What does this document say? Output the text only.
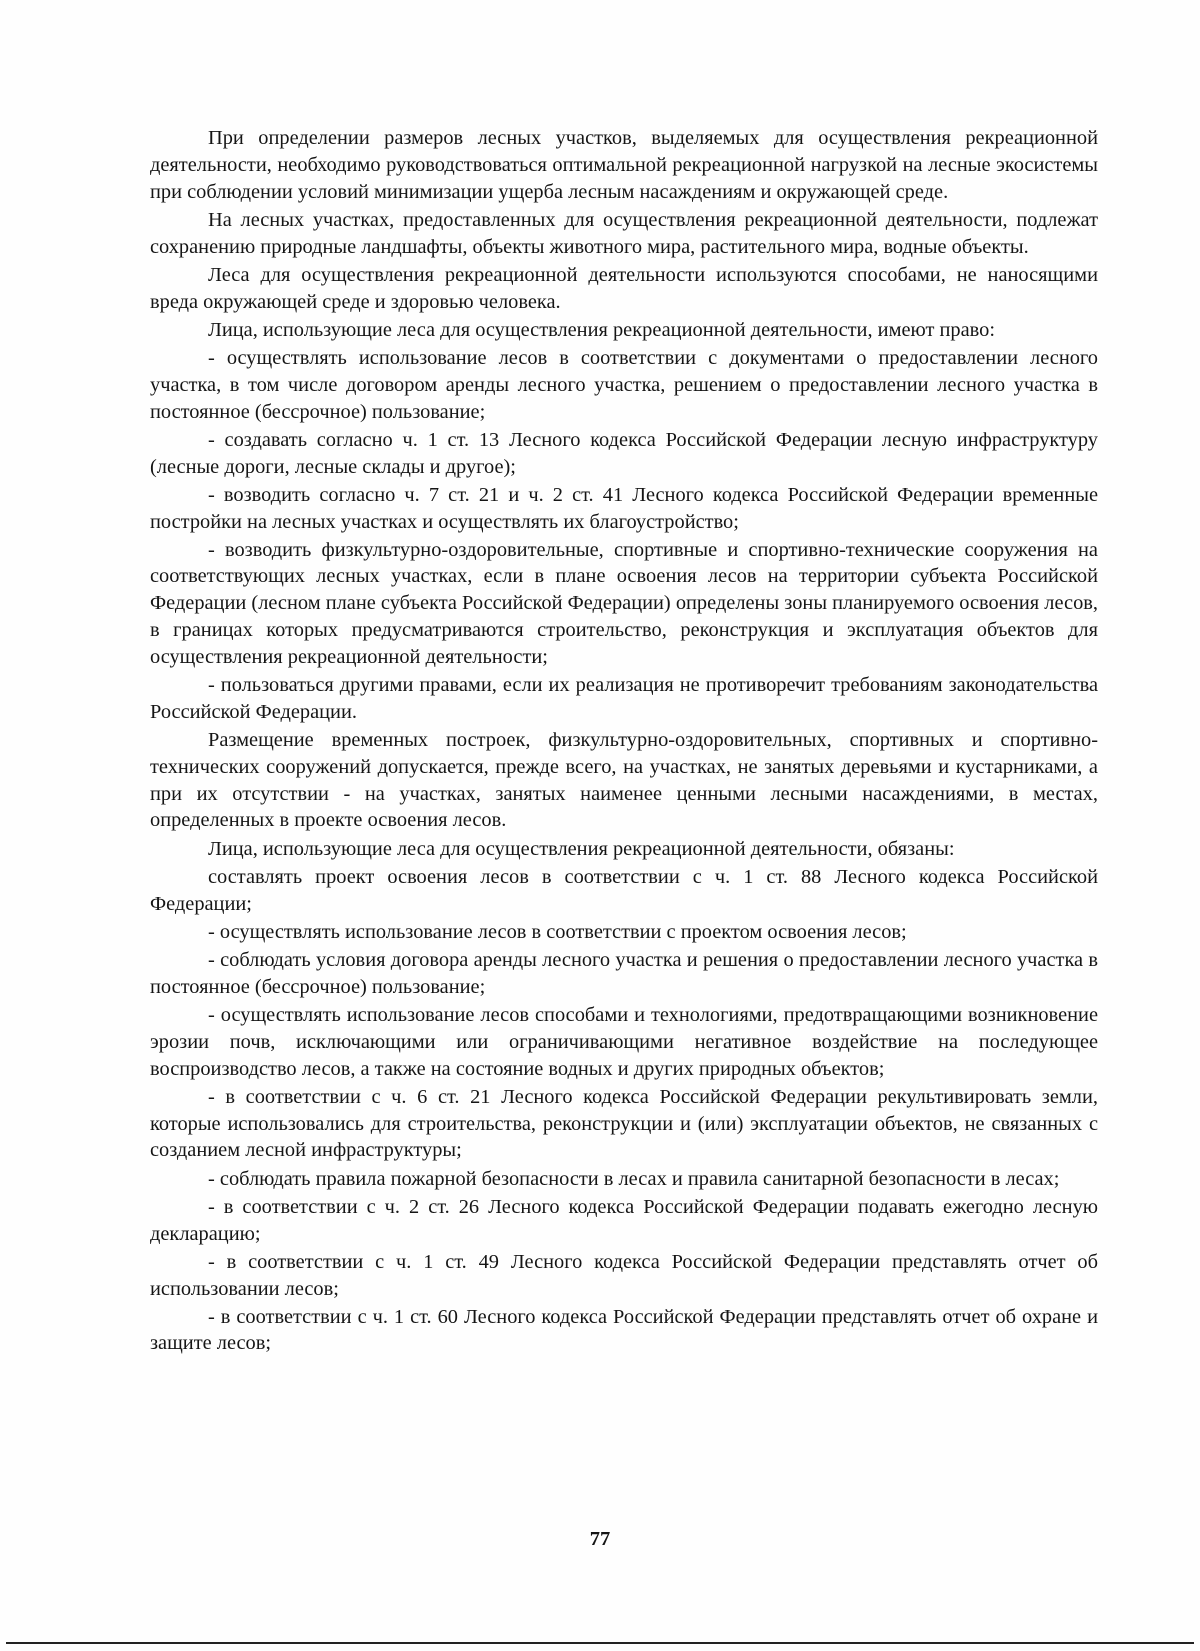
При определении размеров лесных участков, выделяемых для осуществления рекреационной деятельности, необходимо руководствоваться оптимальной рекреационной нагрузкой на лесные экосистемы при соблюдении условий минимизации ущерба лесным насаждениям и окружающей среде.

На лесных участках, предоставленных для осуществления рекреационной деятельности, подлежат сохранению природные ландшафты, объекты животного мира, растительного мира, водные объекты.

Леса для осуществления рекреационной деятельности используются способами, не наносящими вреда окружающей среде и здоровью человека.

Лица, использующие леса для осуществления рекреационной деятельности, имеют право:

- осуществлять использование лесов в соответствии с документами о предоставлении лесного участка, в том числе договором аренды лесного участка, решением о предоставлении лесного участка в постоянное (бессрочное) пользование;

- создавать согласно ч. 1 ст. 13 Лесного кодекса Российской Федерации лесную инфраструктуру (лесные дороги, лесные склады и другое);

- возводить согласно ч. 7 ст. 21 и ч. 2 ст. 41 Лесного кодекса Российской Федерации временные постройки на лесных участках и осуществлять их благоустройство;

- возводить физкультурно-оздоровительные, спортивные и спортивно-технические сооружения на соответствующих лесных участках, если в плане освоения лесов на территории субъекта Российской Федерации (лесном плане субъекта Российской Федерации) определены зоны планируемого освоения лесов, в границах которых предусматриваются строительство, реконструкция и эксплуатация объектов для осуществления рекреационной деятельности;

- пользоваться другими правами, если их реализация не противоречит требованиям законодательства Российской Федерации.

Размещение временных построек, физкультурно-оздоровительных, спортивных и спортивно-технических сооружений допускается, прежде всего, на участках, не занятых деревьями и кустарниками, а при их отсутствии - на участках, занятых наименее ценными лесными насаждениями, в местах, определенных в проекте освоения лесов.

Лица, использующие леса для осуществления рекреационной деятельности, обязаны:

составлять проект освоения лесов в соответствии с ч. 1 ст. 88 Лесного кодекса Российской Федерации;

- осуществлять использование лесов в соответствии с проектом освоения лесов;

- соблюдать условия договора аренды лесного участка и решения о предоставлении лесного участка в постоянное (бессрочное) пользование;

- осуществлять использование лесов способами и технологиями, предотвращающими возникновение эрозии почв, исключающими или ограничивающими негативное воздействие на последующее воспроизводство лесов, а также на состояние водных и других природных объектов;

- в соответствии с ч. 6 ст. 21 Лесного кодекса Российской Федерации рекультивировать земли, которые использовались для строительства, реконструкции и (или) эксплуатации объектов, не связанных с созданием лесной инфраструктуры;

- соблюдать правила пожарной безопасности в лесах и правила санитарной безопасности в лесах;

- в соответствии с ч. 2 ст. 26 Лесного кодекса Российской Федерации подавать ежегодно лесную декларацию;

- в соответствии с ч. 1 ст. 49 Лесного кодекса Российской Федерации представлять отчет об использовании лесов;

- в соответствии с ч. 1 ст. 60 Лесного кодекса Российской Федерации представлять отчет об охране и защите лесов;

77
